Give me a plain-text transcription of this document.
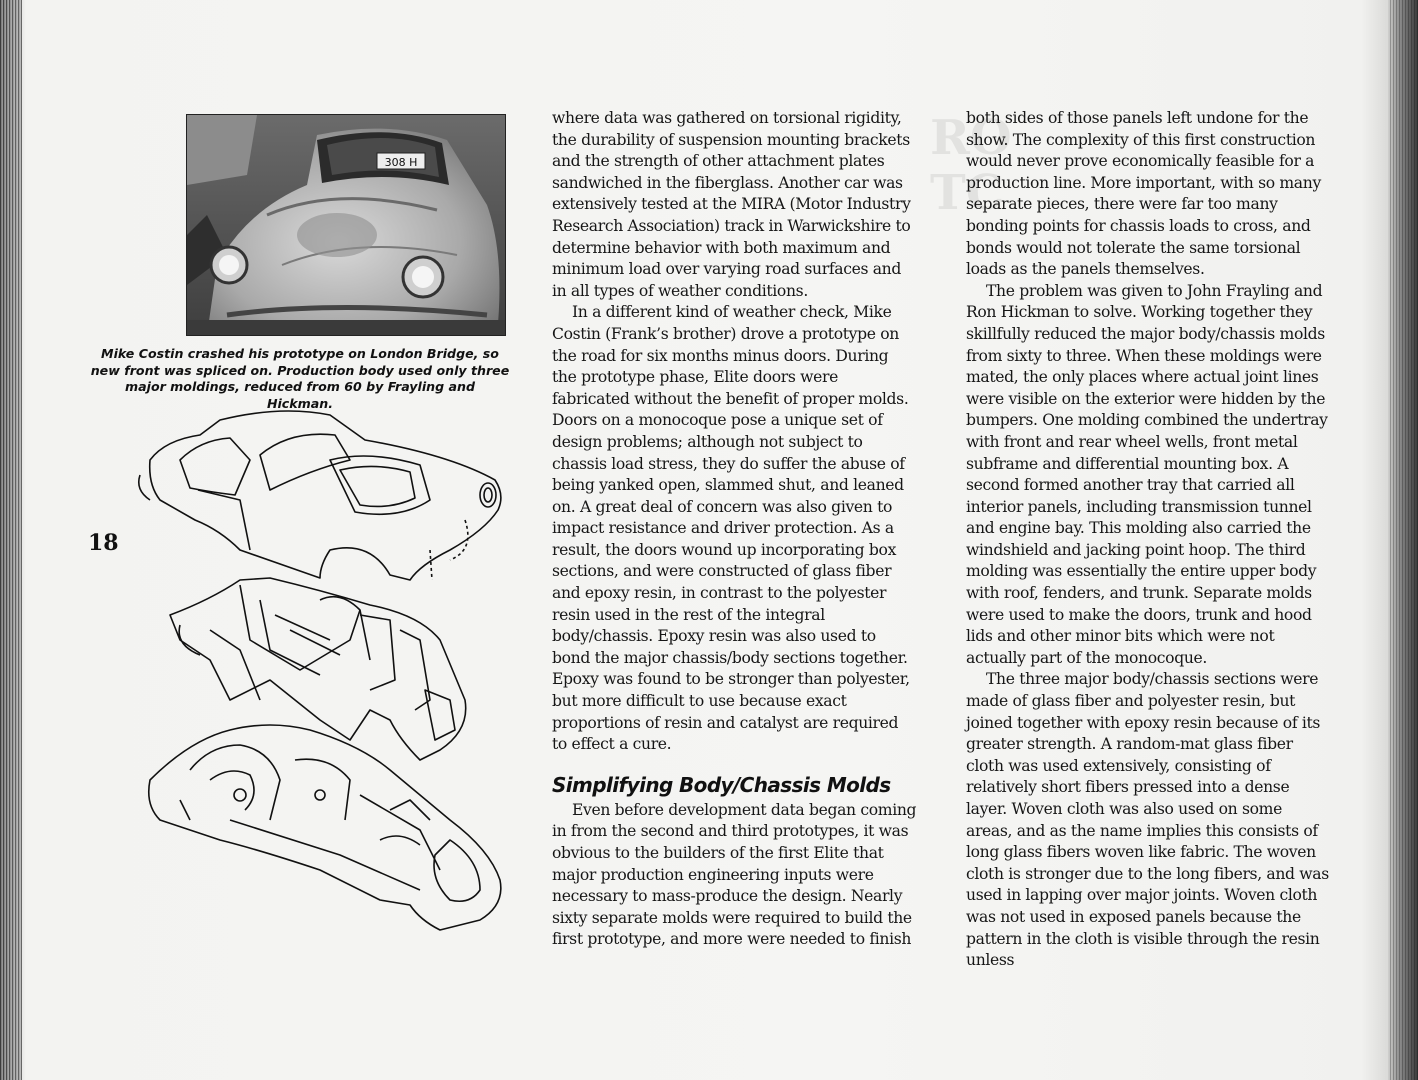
18
308 H
Mike Costin crashed his prototype on London Bridge, so new front was spliced on. Production body used only three major moldings, reduced from 60 by Frayling and Hickman.
RO
TC

where data was gathered on torsional rigidity, the durability of suspension mounting brackets and the strength of other attachment plates sandwiched in the fiberglass. Another car was extensively tested at the MIRA (Motor Industry Research Association) track in Warwickshire to determine behavior with both maximum and minimum load over varying road surfaces and in all types of weather conditions.

In a different kind of weather check, Mike Costin (Frank’s brother) drove a prototype on the road for six months minus doors. During the prototype phase, Elite doors were fabricated without the benefit of proper molds. Doors on a monocoque pose a unique set of design problems; although not subject to chassis load stress, they do suffer the abuse of being yanked open, slammed shut, and leaned on. A great deal of concern was also given to impact resistance and driver protection. As a result, the doors wound up incorporating box sections, and were constructed of glass fiber and epoxy resin, in contrast to the polyester resin used in the rest of the integral body/chassis. Epoxy resin was also used to bond the major chassis/body sections together. Epoxy was found to be stronger than polyester, but more difficult to use because exact proportions of resin and catalyst are required to effect a cure.

Simplifying Body/Chassis Molds

Even before development data began coming in from the second and third prototypes, it was obvious to the builders of the first Elite that major production engineering inputs were necessary to mass-produce the design. Nearly sixty separate molds were required to build the first prototype, and more were needed to finish

both sides of those panels left undone for the show. The complexity of this first construction would never prove economically feasible for a production line. More important, with so many separate pieces, there were far too many bonding points for chassis loads to cross, and bonds would not tolerate the same torsional loads as the panels themselves.

The problem was given to John Frayling and Ron Hickman to solve. Working together they skillfully reduced the major body/chassis molds from sixty to three. When these moldings were mated, the only places where actual joint lines were visible on the exterior were hidden by the bumpers. One molding combined the undertray with front and rear wheel wells, front metal subframe and differential mounting box. A second formed another tray that carried all interior panels, including transmission tunnel and engine bay. This molding also carried the windshield and jacking point hoop. The third molding was essentially the entire upper body with roof, fenders, and trunk. Separate molds were used to make the doors, trunk and hood lids and other minor bits which were not actually part of the monocoque.

The three major body/chassis sections were made of glass fiber and polyester resin, but joined together with epoxy resin because of its greater strength. A random-mat glass fiber cloth was used extensively, consisting of relatively short fibers pressed into a dense layer. Woven cloth was also used on some areas, and as the name implies this consists of long glass fibers woven like fabric. The woven cloth is stronger due to the long fibers, and was used in lapping over major joints. Woven cloth was not used in exposed panels because the pattern in the cloth is visible through the resin unless
